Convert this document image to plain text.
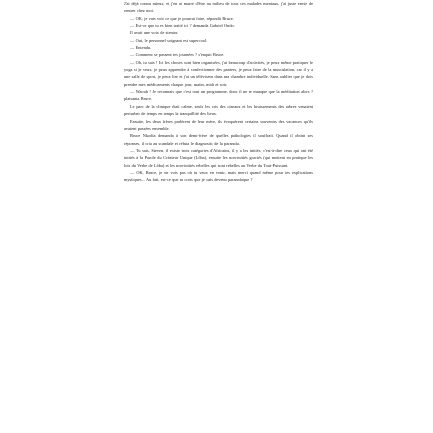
J'ai déjà connu mieux, et j'en ai marre d'être au milieu de tous ces malades mentaux, j'ai juste envie de rentrer chez moi.

— OK, je vais voir ce que je pourrai faire, répondit Bruce.

— Est-ce que tu es bien traité ici ? demanda Gabriel Ondo.

Il avait une voix de stentor.

— Oui, le personnel soignant est supercool.

— Entendu.

— Comment se passent tes journées ? s'enquit Bruce.

— Oh, tu sais ! Ici les choses sont bien organisées, j'ai beaucoup d'activités, je peux même pratiquer le yoga si je veux, je peux apprendre à confectionner des paniers, je peux faire de la musculation, car il y a une salle de sport, je peux lire et j'ai un téléviseur dans ma chambre individuelle. Sans oublier que je dois prendre mes médicaments chaque jour, matin, midi et soir.

— Waouh ! Je reconnais que c'est tout un programme, donc il ne te manque que la méditation alors ? plaisanta Bruce.

Le parc de la clinique était calme, seuls les cris des oiseaux et les bruissements des arbres venaient perturber de temps en temps la tranquillité des lieux.

Ensuite, les deux frères parlèrent de leur mère, ils évoquèrent certains souvenirs des vacances qu'ils avaient passées ensemble.

Bruce Nkodia demanda à son demi-frère de quelles pathologies il souffrait. Quand il obtint ses réponses, il cria au scandale et réfuta le diagnostic de la paranoïa.

— Tu sais, Steven, il existe trois catégories d'Africains, il y a les initiés, c'est-à-dire ceux qui ont été initiés à la Parole du Créateur Unique (Lôba), ensuite les non-initiés graciés (qui mettent en pratique les lois du Verbe de Lôba) et les non-initiés rebelles qui sont rebelles au Verbe du Tout-Puissant.

— OK, Bruce, je ne vois pas où tu veux en venir, mais merci quand même pour tes explications mystiques... Au fait, est-ce que tu crois que je suis devenu paranoïaque ?
